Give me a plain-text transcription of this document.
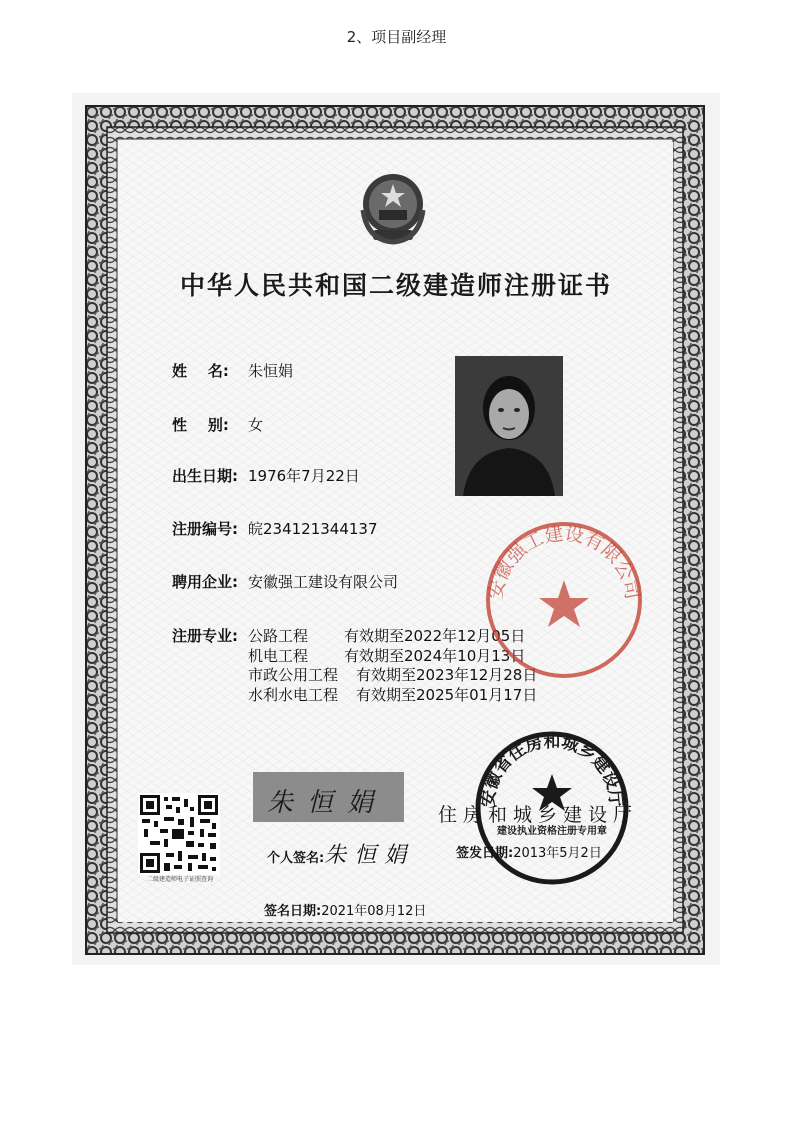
2、项目副经理
中华人民共和国二级建造师注册证书
姓    名: 朱恒娟
性    别: 女
出生日期: 1976年7月22日
注册编号: 皖234121344137
聘用企业: 安徽强工建设有限公司
注册专业: 公路工程 有效期至2022年12月05日
机电工程 有效期至2024年10月13日
市政公用工程 有效期至2023年12月28日
水利水电工程 有效期至2025年01月17日
安徽强工建设有限公司
安徽省住房和城乡建设厅
建设执业资格注册专用章
二级建造师电子证照查询
朱恒娟	住房和城乡建设厅
个人签名:朱恒娟	签发日期:2013年5月2日
签名日期:2021年08月12日
